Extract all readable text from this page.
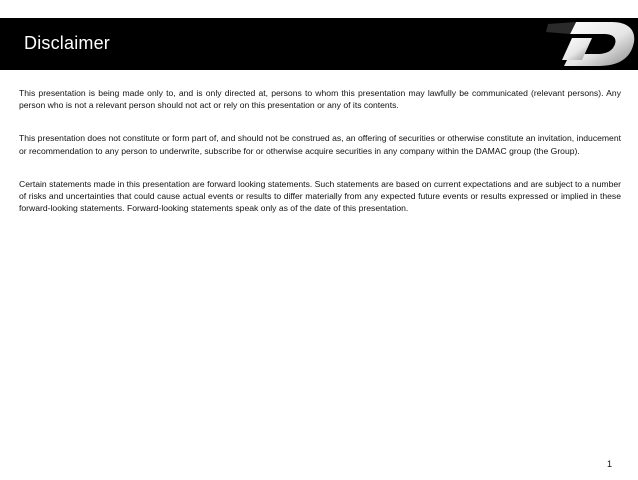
Disclaimer

This presentation is being made only to, and is only directed at, persons to whom this presentation may lawfully be communicated (relevant persons). Any person who is not a relevant person should not act or rely on this presentation or any of its contents.

This presentation does not constitute or form part of, and should not be construed as, an offering of securities or otherwise constitute an invitation, inducement or recommendation to any person to underwrite, subscribe for or otherwise acquire securities in any company within the DAMAC group (the Group).

Certain statements made in this presentation are forward looking statements. Such statements are based on current expectations and are subject to a number of risks and uncertainties that could cause actual events or results to differ materially from any expected future events or results expressed or implied in these forward-looking statements. Forward-looking statements speak only as of the date of this presentation.

1
